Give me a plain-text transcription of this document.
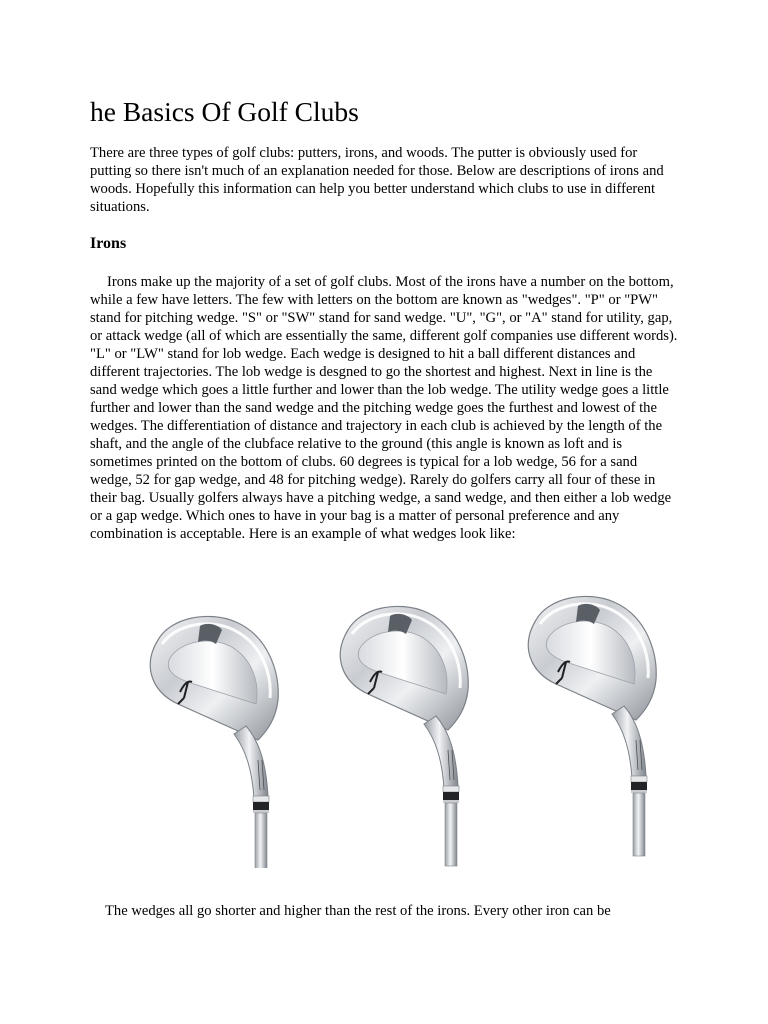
he Basics Of Golf Clubs

There are three types of golf clubs: putters, irons, and woods. The putter is obviously used for putting so there isn't much of an explanation needed for those. Below are descriptions of irons and woods. Hopefully this information can help you better understand which clubs to use in different situations.

Irons

Irons make up the majority of a set of golf clubs. Most of the irons have a number on the bottom, while a few have letters. The few with letters on the bottom are known as "wedges". "P" or "PW" stand for pitching wedge. "S" or "SW" stand for sand wedge. "U", "G", or "A" stand for utility, gap, or attack wedge (all of which are essentially the same, different golf companies use different words). "L" or "LW" stand for lob wedge. Each wedge is designed to hit a ball different distances and different trajectories. The lob wedge is desgned to go the shortest and highest. Next in line is the sand wedge which goes a little further and lower than the lob wedge. The utility wedge goes a little further and lower than the sand wedge and the pitching wedge goes the furthest and lowest of the wedges. The differentiation of distance and trajectory in each club is achieved by the length of the shaft, and the angle of the clubface relative to the ground (this angle is known as loft and is sometimes printed on the bottom of clubs. 60 degrees is typical for a lob wedge, 56 for a sand wedge, 52 for gap wedge, and 48 for pitching wedge). Rarely do golfers carry all four of these in their bag. Usually golfers always have a pitching wedge, a sand wedge, and then either a lob wedge or a gap wedge. Which ones to have in your bag is a matter of personal preference and any combination is acceptable. Here is an example of what wedges look like:

The wedges all go shorter and higher than the rest of the irons. Every other iron can be
